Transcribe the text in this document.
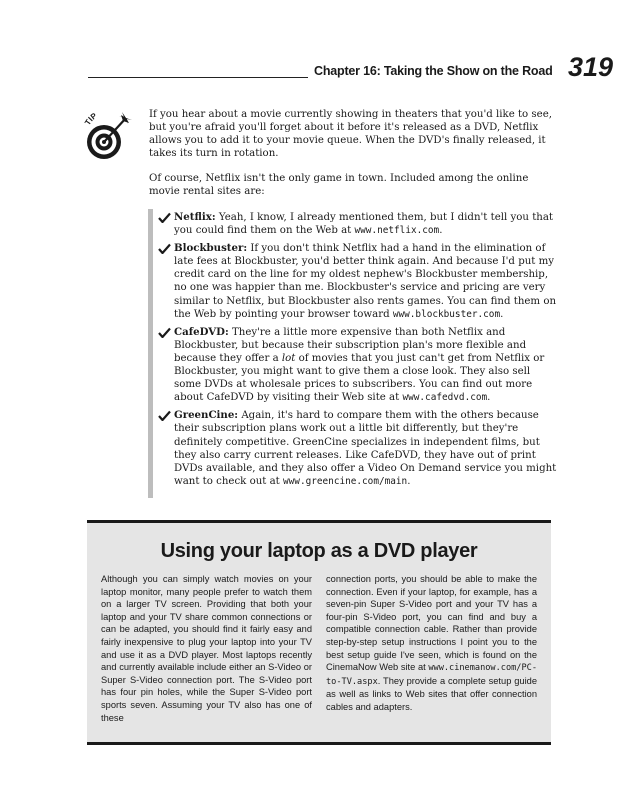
Chapter 16: Taking the Show on the Road 319
TIP	If you hear about a movie currently showing in theaters that you'd like to see, but you're afraid you'll forget about it before it's released as a DVD, Netflix allows you to add it to your movie queue. When the DVD's finally released, it takes its turn in rotation.

Of course, Netflix isn't the only game in town. Included among the online movie rental sites are:

Netflix: Yeah, I know, I already mentioned them, but I didn't tell you that you could find them on the Web at www.netflix.com.
Blockbuster: If you don't think Netflix had a hand in the elimination of late fees at Blockbuster, you'd better think again. And because I'd put my credit card on the line for my oldest nephew's Blockbuster membership, no one was happier than me. Blockbuster's service and pricing are very similar to Netflix, but Blockbuster also rents games. You can find them on the Web by pointing your browser toward www.blockbuster.com.
CafeDVD: They're a little more expensive than both Netflix and Blockbuster, but because their subscription plan's more flexible and because they offer a lot of movies that you just can't get from Netflix or Blockbuster, you might want to give them a close look. They also sell some DVDs at wholesale prices to subscribers. You can find out more about CafeDVD by visiting their Web site at www.cafedvd.com.
GreenCine: Again, it's hard to compare them with the others because their subscription plans work out a little bit differently, but they're definitely competitive. GreenCine specializes in independent films, but they also carry current releases. Like CafeDVD, they have out of print DVDs available, and they also offer a Video On Demand service you might want to check out at www.greencine.com/main.
Using your laptop as a DVD player

Although you can simply watch movies on your laptop monitor, many people prefer to watch them on a larger TV screen. Providing that both your laptop and your TV share common connections or can be adapted, you should find it fairly easy and fairly inexpensive to plug your laptop into your TV and use it as a DVD player. Most laptops recently and currently available include either an S-Video or Super S-Video connection port. The S-Video port has four pin holes, while the Super S-Video port sports seven. Assuming your TV also has one of these

connection ports, you should be able to make the connection. Even if your laptop, for example, has a seven-pin Super S-Video port and your TV has a four-pin S-Video port, you can find and buy a compatible connection cable. Rather than provide step-by-step setup instructions I point you to the best setup guide I've seen, which is found on the CinemaNow Web site at www.cinemanow.com/PC-to-TV.aspx. They provide a complete setup guide as well as links to Web sites that offer connection cables and adapters.
